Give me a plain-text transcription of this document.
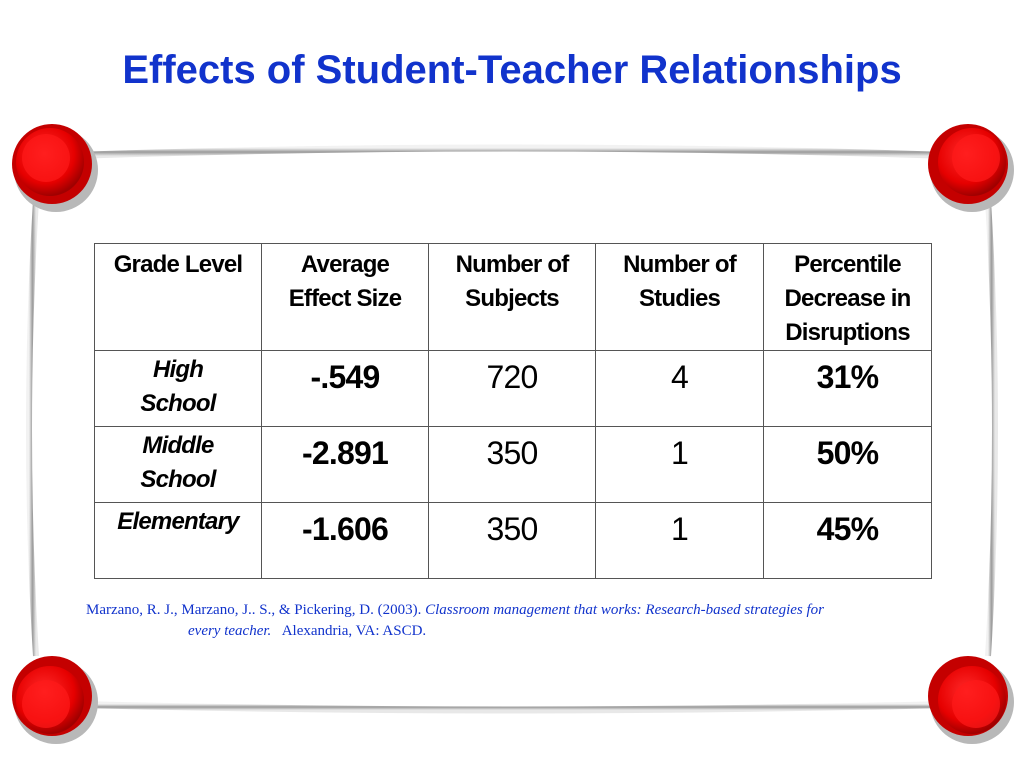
Effects of Student-Teacher Relationships
Grade Level	Average Effect Size	Number of Subjects	Number of Studies	Percentile Decrease in Disruptions
High School	-.549	720	4	31%
Middle School	-2.891	350	1	50%
Elementary	-1.606	350	1	45%
Marzano, R. J., Marzano, J.. S., & Pickering, D. (2003). Classroom management that works: Research-based strategies for
every teacher.   Alexandria, VA: ASCD.
